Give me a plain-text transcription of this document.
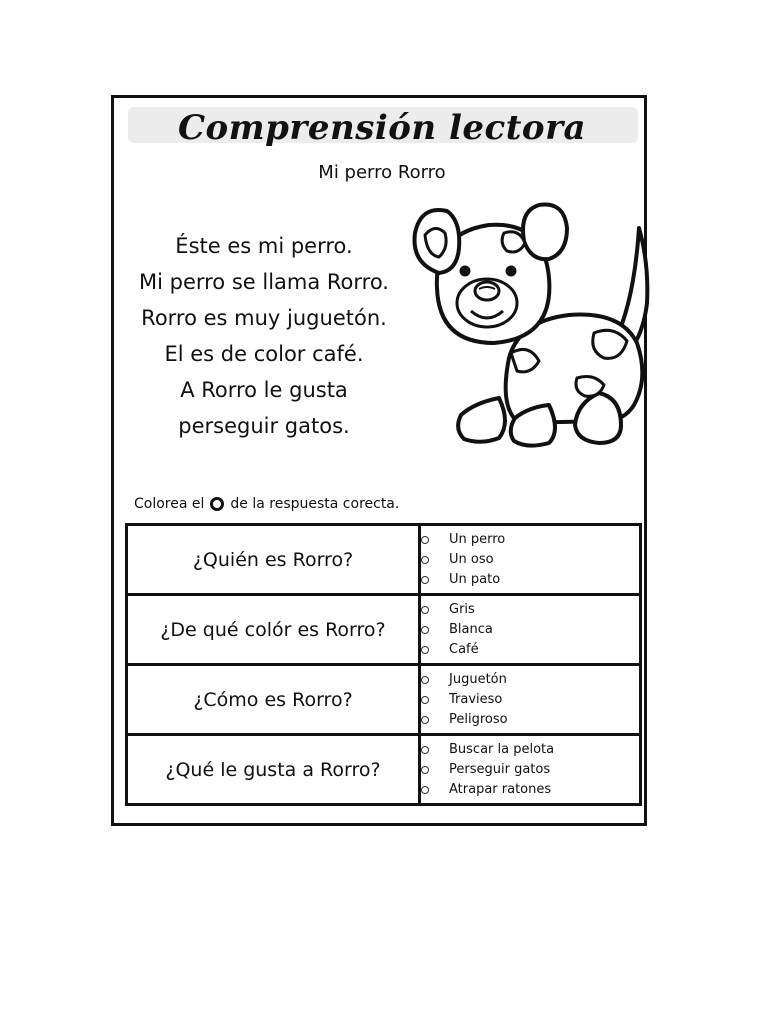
Comprensión lectora
Mi perro Rorro
Éste es mi perro.
Mi perro se llama Rorro.
Rorro es muy juguetón.
El es de color café.
A Rorro le gusta
perseguir gatos.
Colorea el de la respuesta corecta.
¿Quién es Rorro?	Un perro
Un oso
Un pato

¿De qué colór es Rorro?	Gris
Blanca
Café

¿Cómo es Rorro?	Juguetón
Travieso
Peligroso

¿Qué le gusta a Rorro?	Buscar la pelota
Perseguir gatos
Atrapar ratones
